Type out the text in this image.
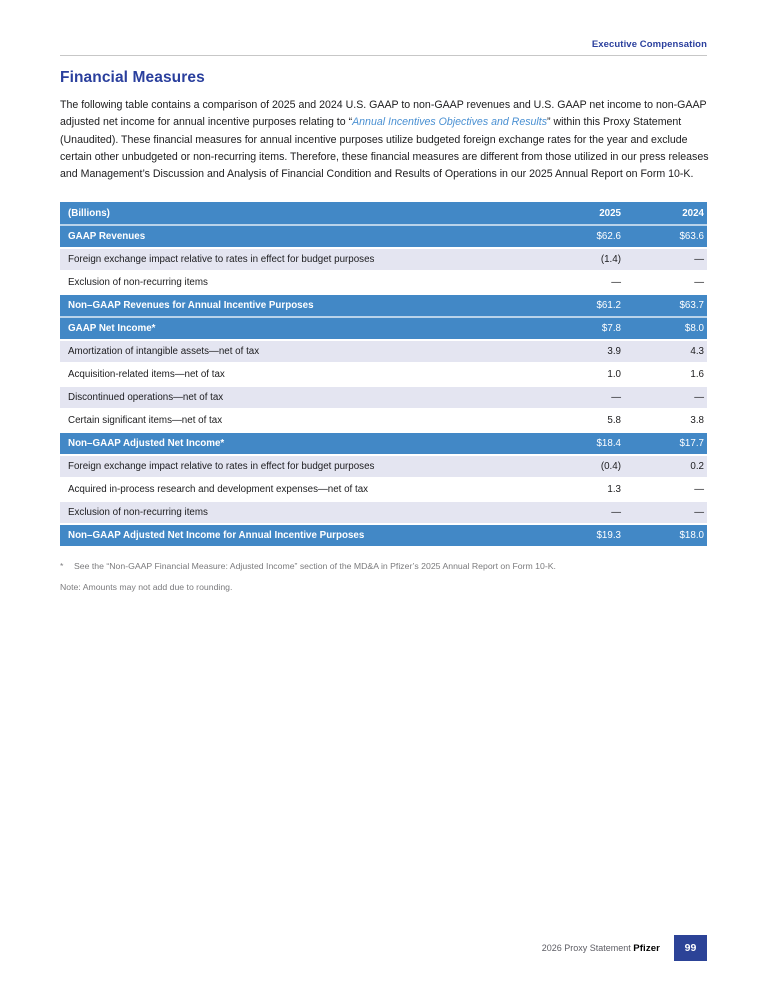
Executive Compensation
Financial Measures

The following table contains a comparison of 2025 and 2024 U.S. GAAP to non-GAAP revenues and U.S. GAAP net income to non-GAAP adjusted net income for annual incentive purposes relating to “Annual Incentives Objectives and Results” within this Proxy Statement (Unaudited). These financial measures for annual incentive purposes utilize budgeted foreign exchange rates for the year and exclude certain other unbudgeted or non-recurring items. Therefore, these financial measures are different from those utilized in our press releases and Management’s Discussion and Analysis of Financial Condition and Results of Operations in our 2025 Annual Report on Form 10-K.

(Billions)	2025	2024
GAAP Revenues	$62.6	$63.6
Foreign exchange impact relative to rates in effect for budget purposes	(1.4)	—
Exclusion of non-recurring items	—	—
Non–GAAP Revenues for Annual Incentive Purposes	$61.2	$63.7
GAAP Net Income*	$7.8	$8.0
Amortization of intangible assets—net of tax	3.9	4.3
Acquisition-related items—net of tax	1.0	1.6
Discontinued operations—net of tax	—	—
Certain significant items—net of tax	5.8	3.8
Non–GAAP Adjusted Net Income*	$18.4	$17.7
Foreign exchange impact relative to rates in effect for budget purposes	(0.4)	0.2
Acquired in-process research and development expenses—net of tax	1.3	—
Exclusion of non-recurring items	—	—
Non–GAAP Adjusted Net Income for Annual Incentive Purposes	$19.3	$18.0
* See the “Non-GAAP Financial Measure: Adjusted Income” section of the MD&A in Pfizer’s 2025 Annual Report on Form 10-K.
Note: Amounts may not add due to rounding.
2026 Proxy Statement Pfizer	99
